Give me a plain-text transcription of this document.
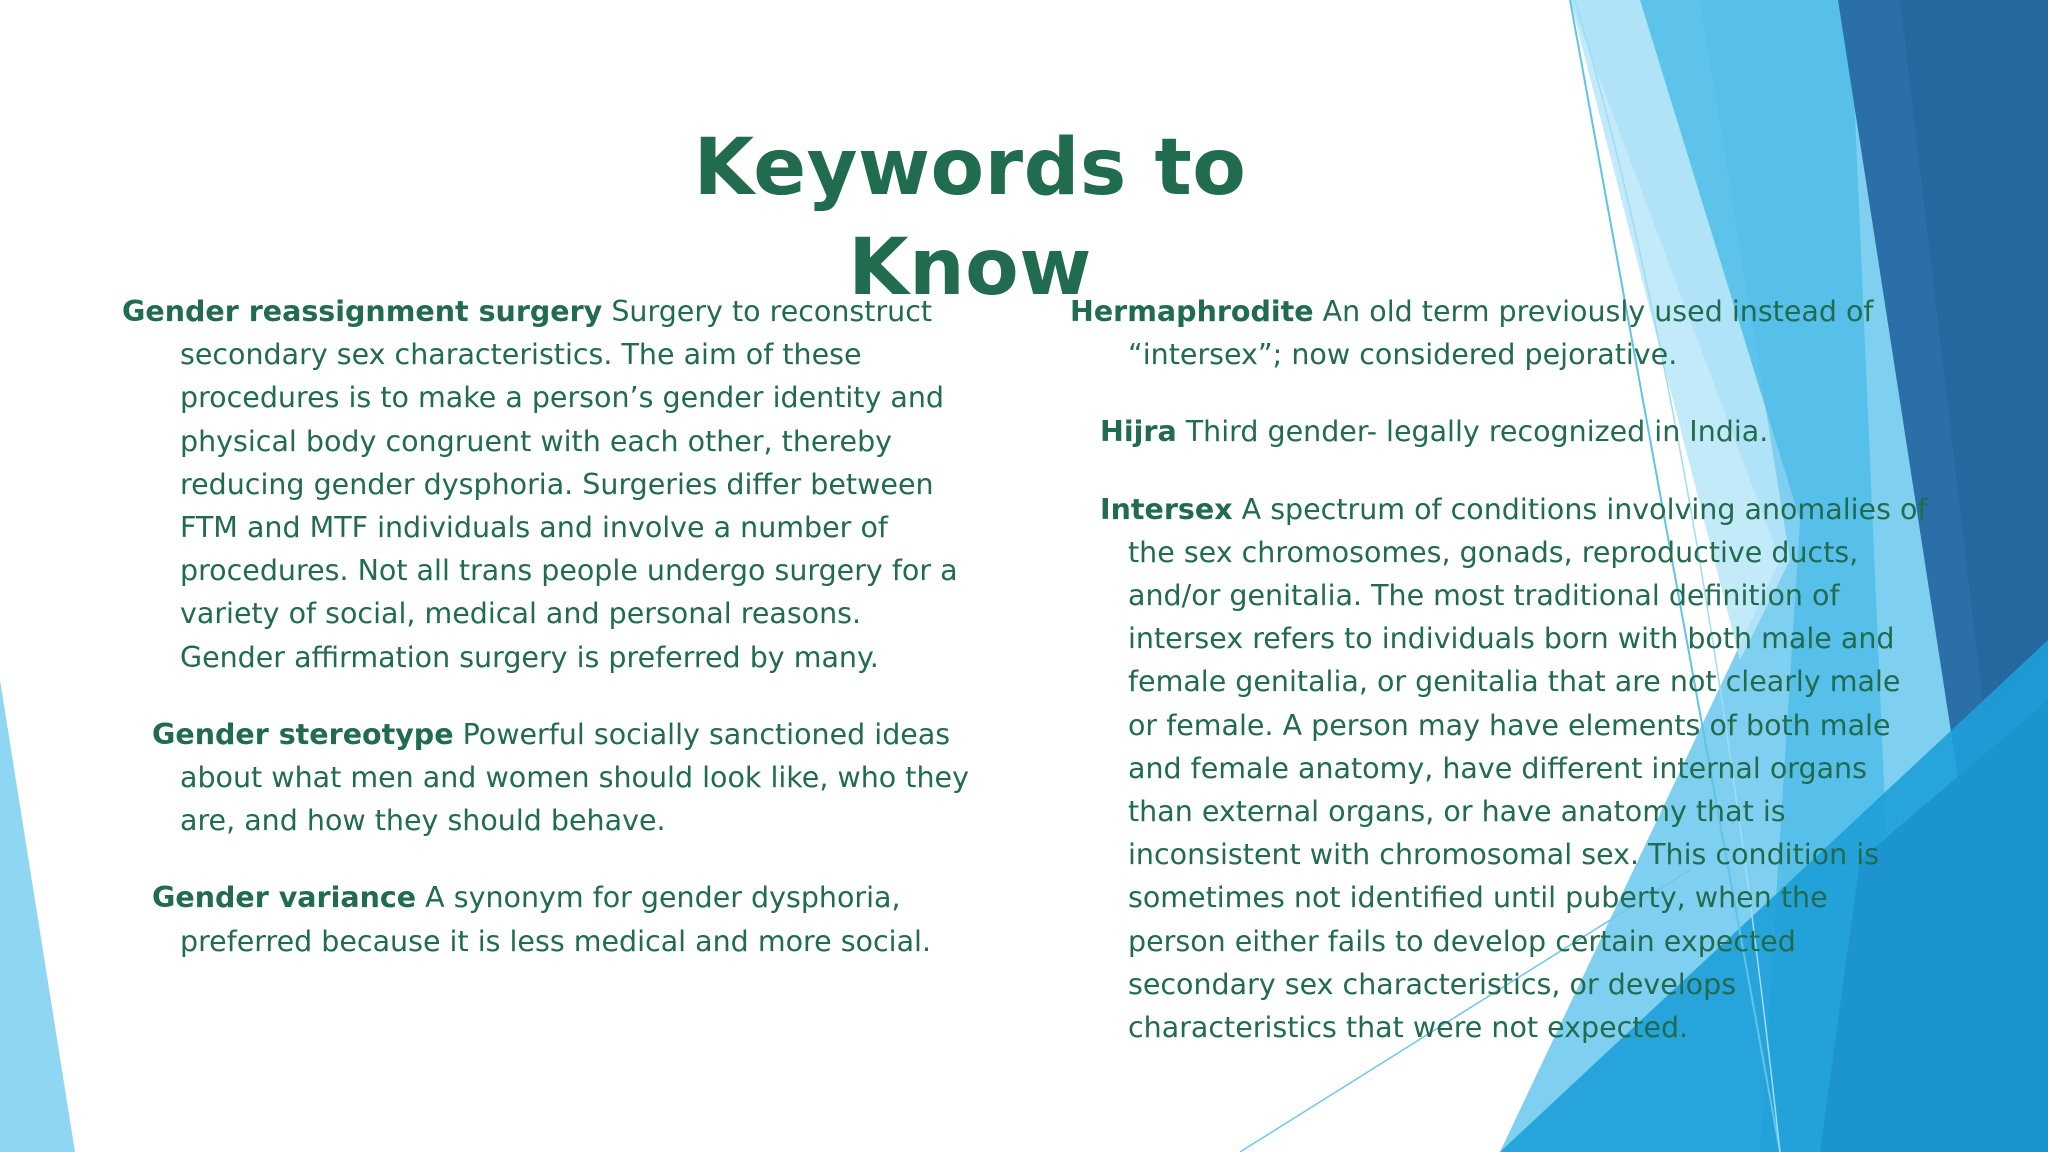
Keywords to Know

Gender reassignment surgery Surgery to reconstruct secondary sex characteristics. The aim of these procedures is to make a person’s gender identity and physical body congruent with each other, thereby reducing gender dysphoria. Surgeries differ between FTM and MTF individuals and involve a number of procedures. Not all trans people undergo surgery for a variety of social, medical and personal reasons. Gender affirmation surgery is preferred by many.

Gender stereotype Powerful socially sanctioned ideas about what men and women should look like, who they are, and how they should behave.

Gender variance A synonym for gender dysphoria, preferred because it is less medical and more social.

Hermaphrodite An old term previously used instead of “intersex”; now considered pejorative.

Hijra Third gender- legally recognized in India.

Intersex A spectrum of conditions involving anomalies of the sex chromosomes, gonads, reproductive ducts, and/or genitalia. The most traditional definition of intersex refers to individuals born with both male and female genitalia, or genitalia that are not clearly male or female. A person may have elements of both male and female anatomy, have different internal organs than external organs, or have anatomy that is inconsistent with chromosomal sex. This condition is sometimes not identified until puberty, when the person either fails to develop certain expected secondary sex characteristics, or develops characteristics that were not expected.
